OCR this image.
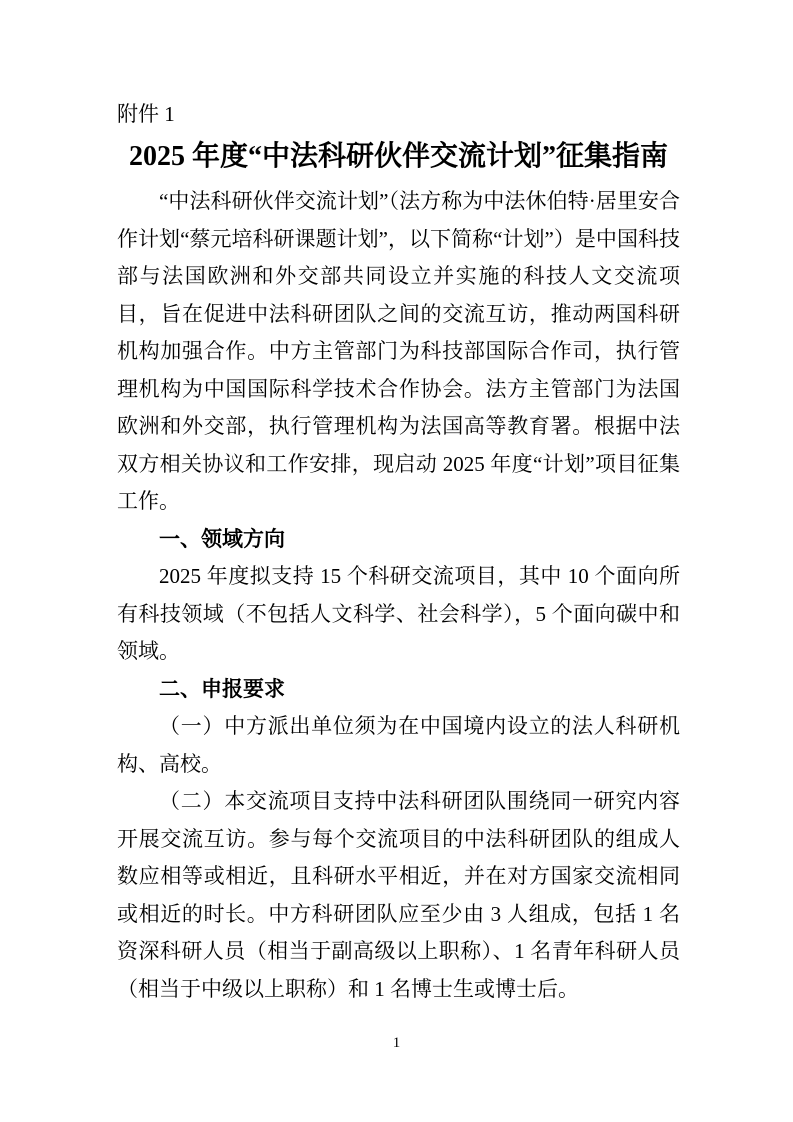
附件 1
2025 年度“中法科研伙伴交流计划”征集指南

“中法科研伙伴交流计划”（法方称为中法休伯特·居里安合作计划“蔡元培科研课题计划”，以下简称“计划”）是中国科技部与法国欧洲和外交部共同设立并实施的科技人文交流项目，旨在促进中法科研团队之间的交流互访，推动两国科研机构加强合作。中方主管部门为科技部国际合作司，执行管理机构为中国国际科学技术合作协会。法方主管部门为法国欧洲和外交部，执行管理机构为法国高等教育署。根据中法双方相关协议和工作安排，现启动 2025 年度“计划”项目征集工作。

一、领域方向

2025 年度拟支持 15 个科研交流项目，其中 10 个面向所有科技领域（不包括人文科学、社会科学），5 个面向碳中和领域。

二、申报要求

（一）中方派出单位须为在中国境内设立的法人科研机构、高校。

（二）本交流项目支持中法科研团队围绕同一研究内容开展交流互访。参与每个交流项目的中法科研团队的组成人数应相等或相近，且科研水平相近，并在对方国家交流相同或相近的时长。中方科研团队应至少由 3 人组成，包括 1 名资深科研人员（相当于副高级以上职称）、1 名青年科研人员（相当于中级以上职称）和 1 名博士生或博士后。

1
